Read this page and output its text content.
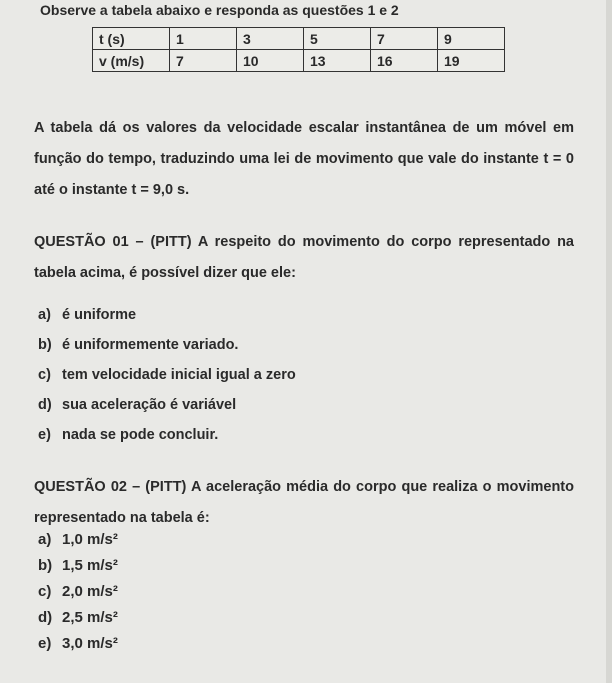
Observe a tabela abaixo e responda as questões 1 e 2
t (s)	1	3	5	7	9
v (m/s)	7	10	13	16	19
A tabela dá os valores da velocidade escalar instantânea de um móvel em função do tempo, traduzindo uma lei de movimento que vale do instante t = 0 até o instante t = 9,0 s.
QUESTÃO 01 – (PITT) A respeito do movimento do corpo representado na tabela acima, é possível dizer que ele:
a) é uniforme
b) é uniformemente variado.
c) tem velocidade inicial igual a zero
d) sua aceleração é variável
e) nada se pode concluir.
QUESTÃO 02 – (PITT) A aceleração média do corpo que realiza o movimento representado na tabela é:
a) 1,0 m/s²
b) 1,5 m/s²
c) 2,0 m/s²
d) 2,5 m/s²
e) 3,0 m/s²
